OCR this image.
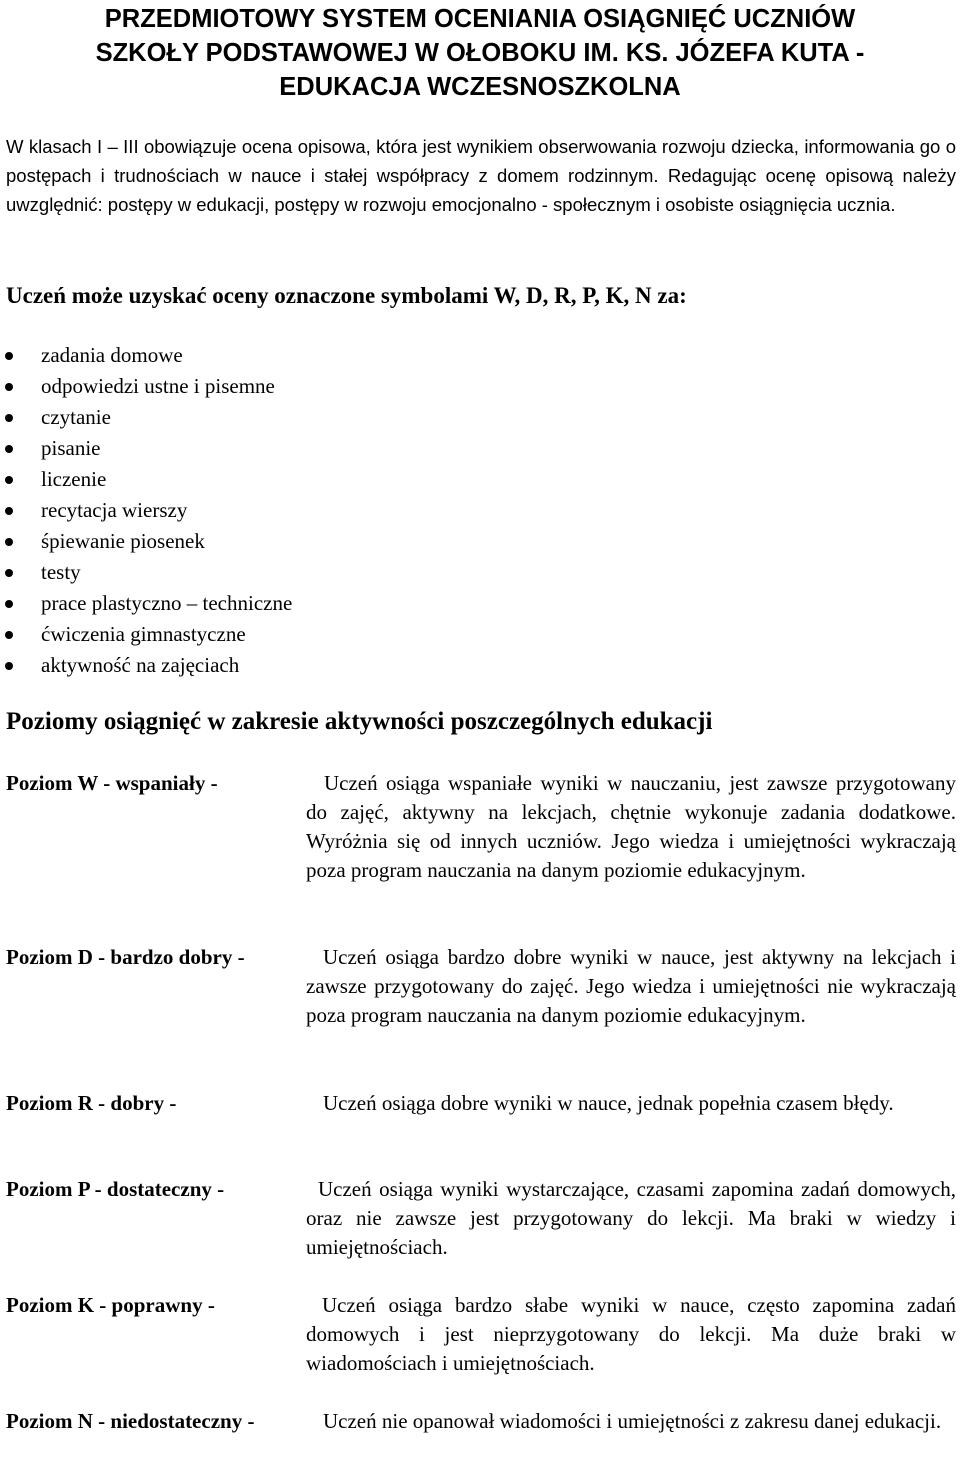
PRZEDMIOTOWY SYSTEM OCENIANIA OSIĄGNIĘĆ UCZNIÓW
SZKOŁY PODSTAWOWEJ W OŁOBOKU IM. KS. JÓZEFA KUTA -
EDUKACJA WCZESNOSZKOLNA

W klasach I – III obowiązuje ocena opisowa, która jest wynikiem obserwowania rozwoju dziecka, informowania go o postępach i trudnościach w nauce i stałej współpracy z domem rodzinnym. Redagując ocenę opisową należy uwzględnić: postępy w edukacji, postępy w rozwoju emocjonalno - społecznym i osobiste osiągnięcia ucznia.

Uczeń może uzyskać oceny oznaczone symbolami W, D, R, P, K, N za:
zadania domowe
odpowiedzi ustne i pisemne
czytanie
pisanie
liczenie
recytacja wierszy
śpiewanie piosenek
testy
prace plastyczno – techniczne
ćwiczenia gimnastyczne
aktywność na zajęciach
Poziomy osiągnięć w zakresie aktywności poszczególnych edukacji
Poziom W - wspaniały -	Uczeń osiąga wspaniałe wyniki w nauczaniu, jest zawsze przygotowany do zajęć, aktywny na lekcjach, chętnie wykonuje zadania dodatkowe. Wyróżnia się od innych uczniów. Jego wiedza i umiejętności wykraczają poza program nauczania na danym poziomie edukacyjnym.

Poziom D - bardzo dobry -	Uczeń osiąga bardzo dobre wyniki w nauce, jest aktywny na lekcjach i zawsze przygotowany do zajęć. Jego wiedza i umiejętności nie wykraczają poza program nauczania na danym poziomie edukacyjnym.

Poziom R - dobry -	Uczeń osiąga dobre wyniki w nauce, jednak popełnia czasem błędy.

Poziom P - dostateczny -	Uczeń osiąga wyniki wystarczające, czasami zapomina zadań domowych, oraz nie zawsze jest przygotowany do lekcji. Ma braki w wiedzy i umiejętnościach.

Poziom K - poprawny -	Uczeń osiąga bardzo słabe wyniki w nauce, często zapomina zadań domowych i jest nieprzygotowany do lekcji. Ma duże braki w wiadomościach i umiejętnościach.

Poziom N - niedostateczny -	Uczeń nie opanował wiadomości i umiejętności z zakresu danej edukacji.
